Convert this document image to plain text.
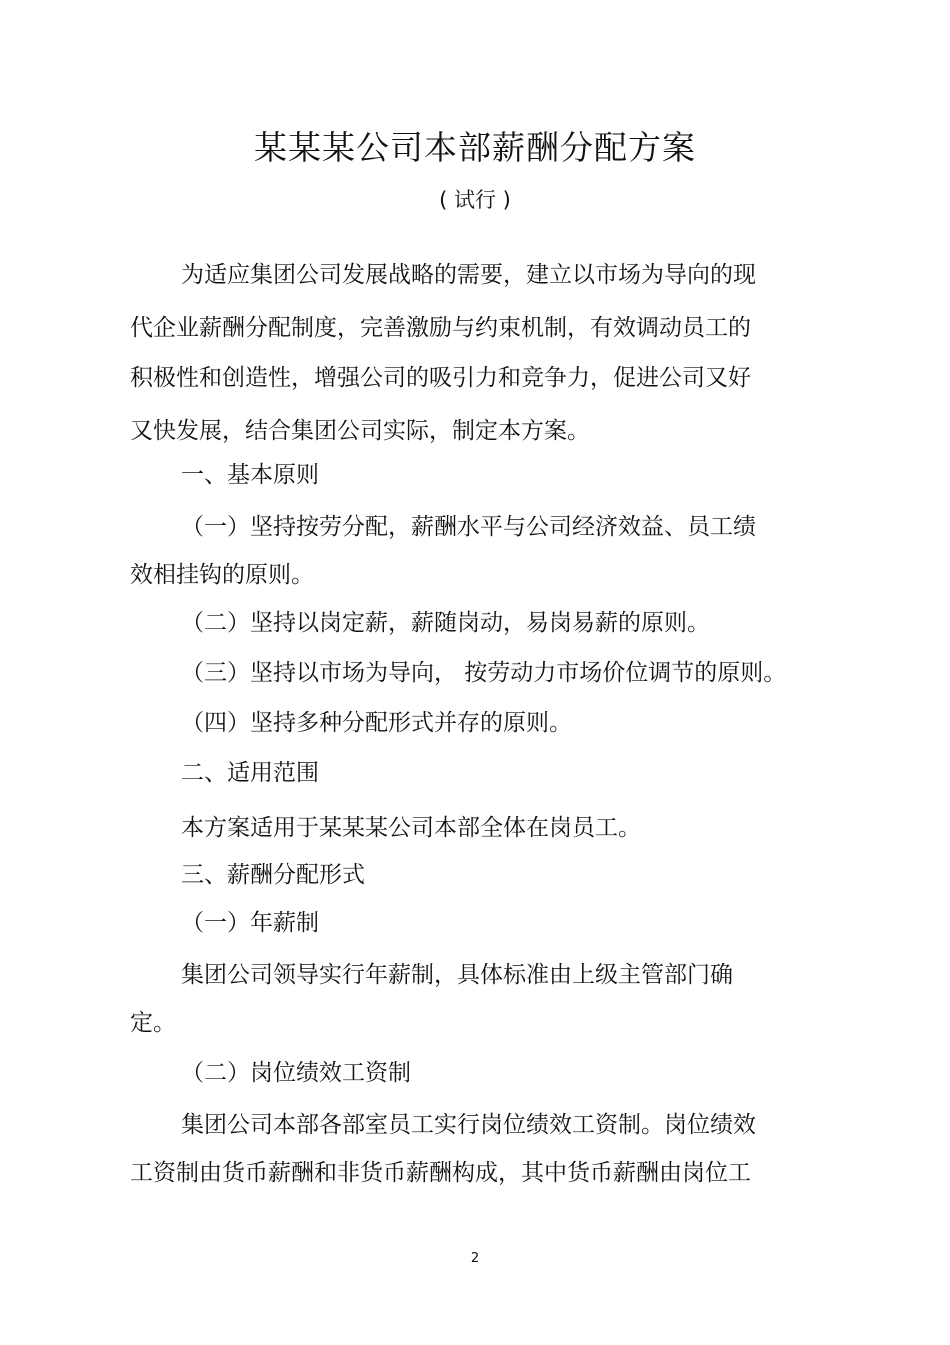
某某某公司本部薪酬分配方案

( 试行 )

为适应集团公司发展战略的需要，建立以市场为导向的现

代企业薪酬分配制度，完善激励与约束机制，有效调动员工的

积极性和创造性，增强公司的吸引力和竞争力，促进公司又好

又快发展，结合集团公司实际，制定本方案。

一、基本原则

（一）坚持按劳分配，薪酬水平与公司经济效益、员工绩

效相挂钩的原则。

（二）坚持以岗定薪，薪随岗动，易岗易薪的原则。

（三）坚持以市场为导向， 按劳动力市场价位调节的原则。

（四）坚持多种分配形式并存的原则。

二、适用范围

本方案适用于某某某公司本部全体在岗员工。

三、薪酬分配形式

（一）年薪制

集团公司领导实行年薪制，具体标准由上级主管部门确

定。

（二）岗位绩效工资制

集团公司本部各部室员工实行岗位绩效工资制。岗位绩效

工资制由货币薪酬和非货币薪酬构成，其中货币薪酬由岗位工

2
